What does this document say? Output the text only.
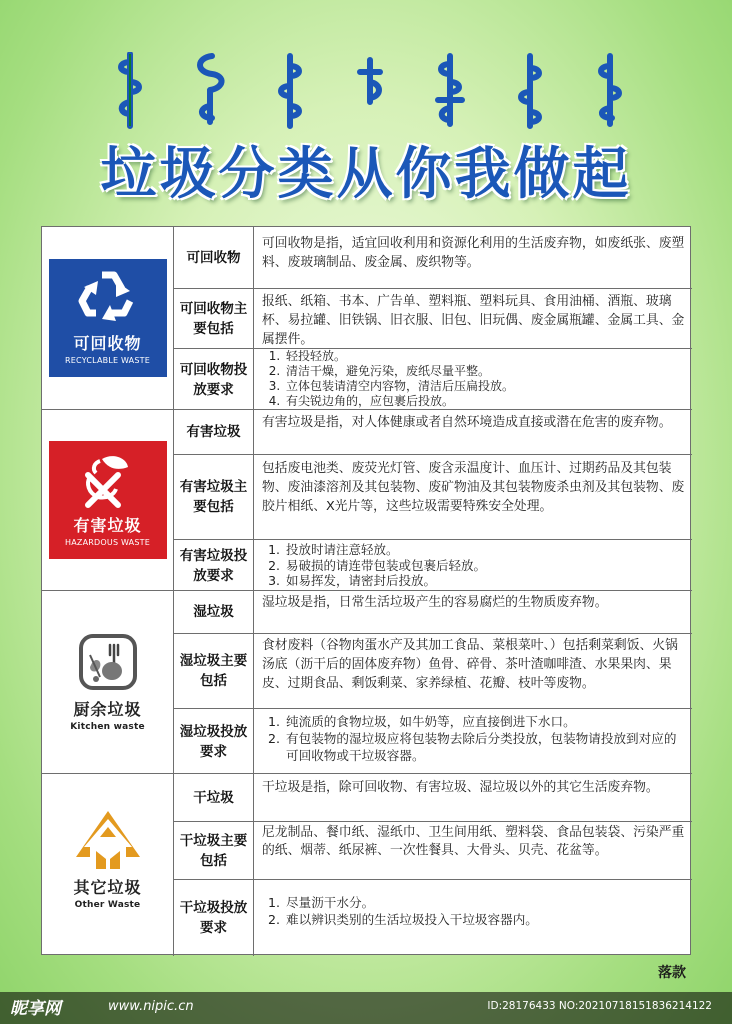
垃圾分类从你我做起
可回收物
RECYCLABLE WASTE
可回收物
可回收物是指，适宜回收利用和资源化利用的生活废弃物，如废纸张、废塑料、废玻璃制品、废金属、废织物等。
可回收物主要包括
报纸、纸箱、书本、广告单、塑料瓶、塑料玩具、食用油桶、酒瓶、玻璃杯、易拉罐、旧铁锅、旧衣服、旧包、旧玩偶、废金属瓶罐、金属工具、金属摆件。
可回收物投放要求
1. 轻投轻放。
2. 清洁干燥，避免污染，废纸尽量平整。
3. 立体包装请清空内容物，清洁后压扁投放。
4. 有尖锐边角的，应包裹后投放。
有害垃圾
HAZARDOUS WASTE
有害垃圾
有害垃圾是指，对人体健康或者自然环境造成直接或潜在危害的废弃物。
有害垃圾主要包括
包括废电池类、废荧光灯管、废含汞温度计、血压计、过期药品及其包装物、废油漆溶剂及其包装物、废矿物油及其包装物废杀虫剂及其包装物、废胶片相纸、X光片等，这些垃圾需要特殊安全处理。
有害垃圾投放要求
1. 投放时请注意轻放。
2. 易破损的请连带包装或包裹后轻放。
3. 如易挥发，请密封后投放。
厨余垃圾
Kitchen waste
湿垃圾
湿垃圾是指，日常生活垃圾产生的容易腐烂的生物质废弃物。
湿垃圾主要包括
食材废料（谷物肉蛋水产及其加工食品、菜根菜叶、）包括剩菜剩饭、火锅汤底（沥干后的固体废弃物）鱼骨、碎骨、茶叶渣咖啡渣、水果果肉、果皮、过期食品、剩饭剩菜、家养绿植、花瓣、枝叶等废物。
湿垃圾投放要求
1. 纯流质的食物垃圾，如牛奶等，应直接倒进下水口。
2. 有包装物的湿垃圾应将包装物去除后分类投放，包装物请投放到对应的可回收物或干垃圾容器。
其它垃圾
Other Waste
干垃圾
干垃圾是指，除可回收物、有害垃圾、湿垃圾以外的其它生活废弃物。
干垃圾主要包括
尼龙制品、餐巾纸、湿纸巾、卫生间用纸、塑料袋、食品包装袋、污染严重的纸、烟蒂、纸尿裤、一次性餐具、大骨头、贝壳、花盆等。
干垃圾投放要求
1. 尽量沥干水分。
2. 难以辨识类别的生活垃圾投入干垃圾容器内。
落款
昵享网	www.nipic.cn	ID:28176433 NO:20210718151836214122
